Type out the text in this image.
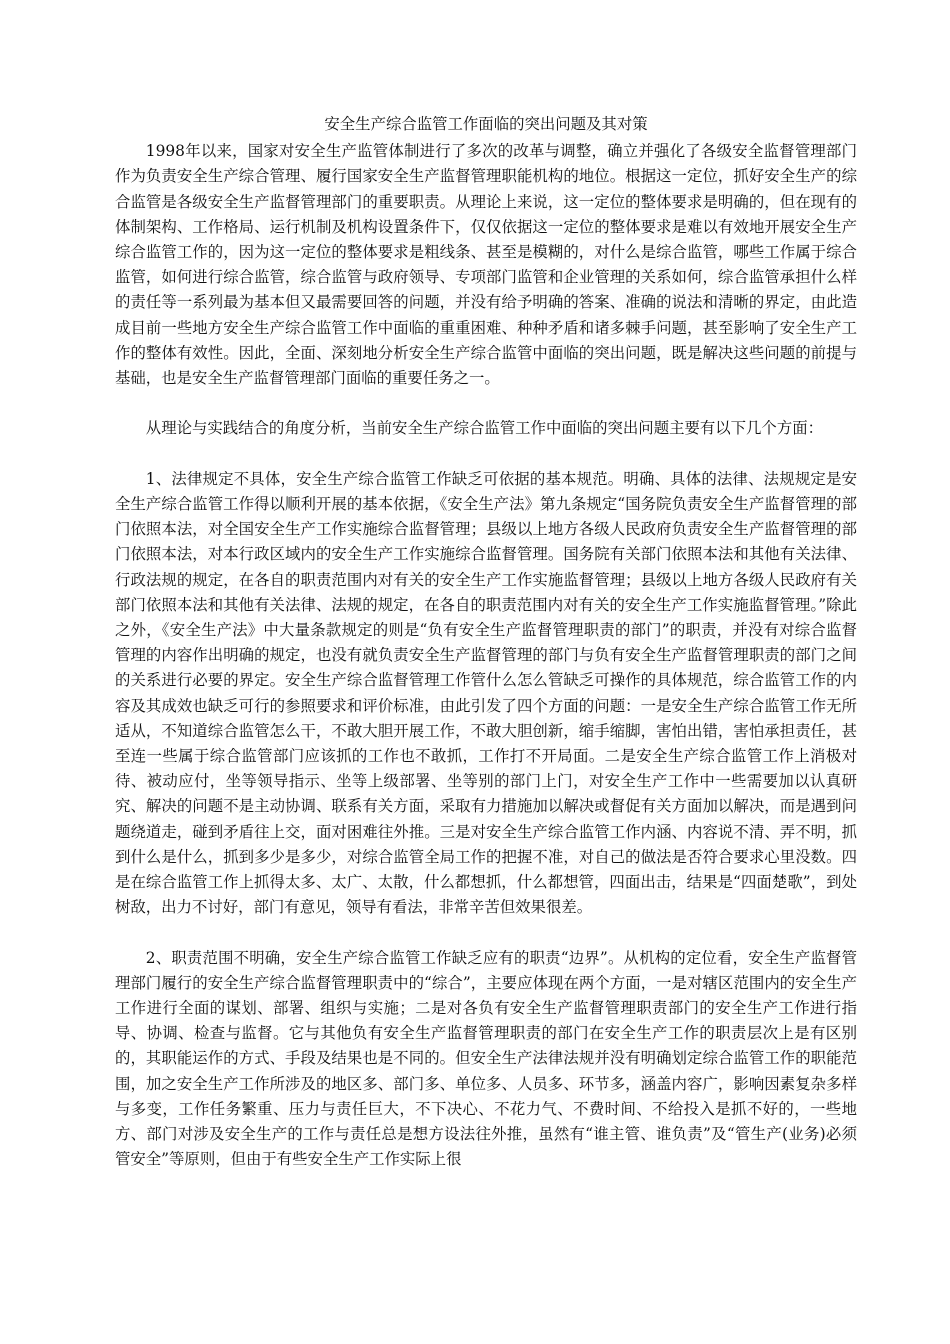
安全生产综合监管工作面临的突出问题及其对策

1998年以来，国家对安全生产监管体制进行了多次的改革与调整，确立并强化了各级安全监督管理部门作为负责安全生产综合管理、履行国家安全生产监督管理职能机构的地位。根据这一定位，抓好安全生产的综合监管是各级安全生产监督管理部门的重要职责。从理论上来说，这一定位的整体要求是明确的，但在现有的体制架构、工作格局、运行机制及机构设置条件下，仅仅依据这一定位的整体要求是难以有效地开展安全生产综合监管工作的，因为这一定位的整体要求是粗线条、甚至是模糊的，对什么是综合监管，哪些工作属于综合监管，如何进行综合监管，综合监管与政府领导、专项部门监管和企业管理的关系如何，综合监管承担什么样的责任等一系列最为基本但又最需要回答的问题，并没有给予明确的答案、准确的说法和清晰的界定，由此造成目前一些地方安全生产综合监管工作中面临的重重困难、种种矛盾和诸多棘手问题，甚至影响了安全生产工作的整体有效性。因此，全面、深刻地分析安全生产综合监管中面临的突出问题，既是解决这些问题的前提与基础，也是安全生产监督管理部门面临的重要任务之一。

从理论与实践结合的角度分析，当前安全生产综合监管工作中面临的突出问题主要有以下几个方面：

1、法律规定不具体，安全生产综合监管工作缺乏可依据的基本规范。明确、具体的法律、法规规定是安全生产综合监管工作得以顺利开展的基本依据，《安全生产法》第九条规定“国务院负责安全生产监督管理的部门依照本法，对全国安全生产工作实施综合监督管理；县级以上地方各级人民政府负责安全生产监督管理的部门依照本法，对本行政区域内的安全生产工作实施综合监督管理。国务院有关部门依照本法和其他有关法律、行政法规的规定，在各自的职责范围内对有关的安全生产工作实施监督管理；县级以上地方各级人民政府有关部门依照本法和其他有关法律、法规的规定，在各自的职责范围内对有关的安全生产工作实施监督管理。”除此之外，《安全生产法》中大量条款规定的则是“负有安全生产监督管理职责的部门”的职责，并没有对综合监督管理的内容作出明确的规定，也没有就负责安全生产监督管理的部门与负有安全生产监督管理职责的部门之间的关系进行必要的界定。安全生产综合监督管理工作管什么怎么管缺乏可操作的具体规范，综合监管工作的内容及其成效也缺乏可行的参照要求和评价标准，由此引发了四个方面的问题：一是安全生产综合监管工作无所适从，不知道综合监管怎么干，不敢大胆开展工作，不敢大胆创新，缩手缩脚，害怕出错，害怕承担责任，甚至连一些属于综合监管部门应该抓的工作也不敢抓，工作打不开局面。二是安全生产综合监管工作上消极对待、被动应付，坐等领导指示、坐等上级部署、坐等别的部门上门，对安全生产工作中一些需要加以认真研究、解决的问题不是主动协调、联系有关方面，采取有力措施加以解决或督促有关方面加以解决，而是遇到问题绕道走，碰到矛盾往上交，面对困难往外推。三是对安全生产综合监管工作内涵、内容说不清、弄不明，抓到什么是什么，抓到多少是多少，对综合监管全局工作的把握不准，对自己的做法是否符合要求心里没数。四是在综合监管工作上抓得太多、太广、太散，什么都想抓，什么都想管，四面出击，结果是“四面楚歌”，到处树敌，出力不讨好，部门有意见，领导有看法，非常辛苦但效果很差。

2、职责范围不明确，安全生产综合监管工作缺乏应有的职责“边界”。从机构的定位看，安全生产监督管理部门履行的安全生产综合监督管理职责中的“综合”，主要应体现在两个方面，一是对辖区范围内的安全生产工作进行全面的谋划、部署、组织与实施；二是对各负有安全生产监督管理职责部门的安全生产工作进行指导、协调、检查与监督。它与其他负有安全生产监督管理职责的部门在安全生产工作的职责层次上是有区别的，其职能运作的方式、手段及结果也是不同的。但安全生产法律法规并没有明确划定综合监管工作的职能范围，加之安全生产工作所涉及的地区多、部门多、单位多、人员多、环节多，涵盖内容广，影响因素复杂多样与多变，工作任务繁重、压力与责任巨大，不下决心、不花力气、不费时间、不给投入是抓不好的，一些地方、部门对涉及安全生产的工作与责任总是想方设法往外推，虽然有“谁主管、谁负责”及“管生产(业务)必须管安全”等原则，但由于有些安全生产工作实际上很
